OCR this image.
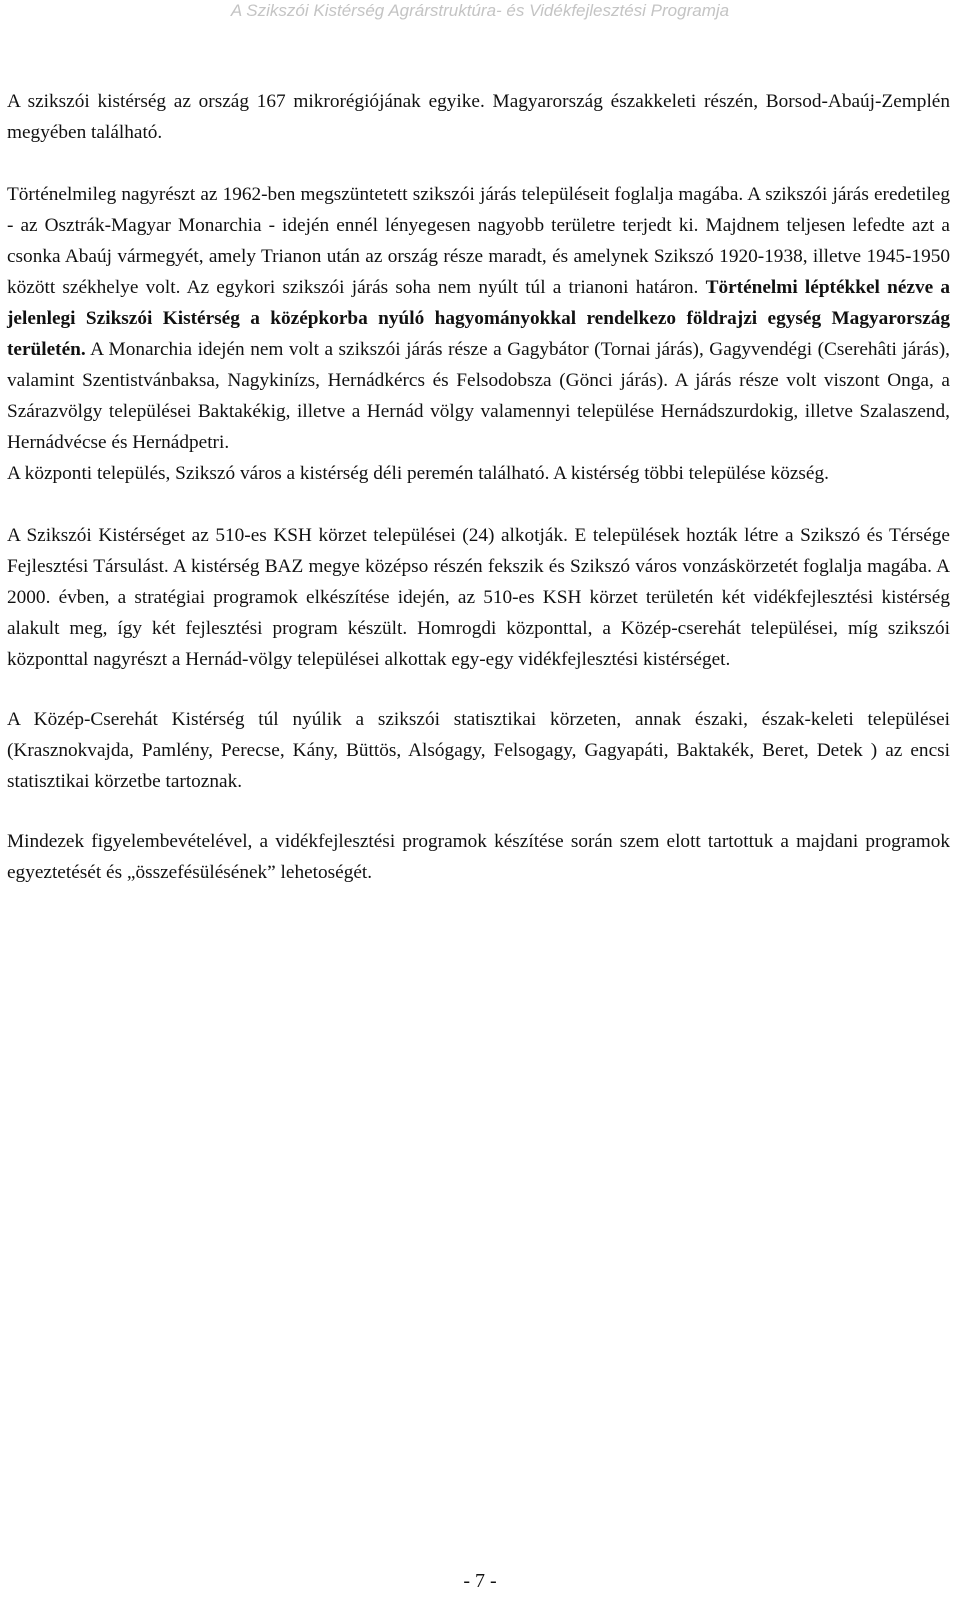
A Szikszói Kistérség Agrárstruktúra- és Vidékfejlesztési Programja

A szikszói kistérség az ország 167 mikrorégiójának egyike. Magyarország északkeleti részén, Borsod-Abaúj-Zemplén megyében található.

Történelmileg nagyrészt az 1962-ben megszüntetett szikszói járás településeit foglalja magába. A szikszói járás eredetileg - az Osztrák-Magyar Monarchia - idején ennél lényegesen nagyobb területre terjedt ki. Majdnem teljesen lefedte azt a csonka Abaúj vármegyét, amely Trianon után az ország része maradt, és amelynek Szikszó 1920-1938, illetve 1945-1950 között székhelye volt. Az egykori szikszói járás soha nem nyúlt túl a trianoni határon. Történelmi léptékkel nézve a jelenlegi Szikszói Kistérség a középkorba nyúló hagyományokkal rendelkezo földrajzi egység Magyarország területén. A Monarchia idején nem volt a szikszói járás része a Gagybátor (Tornai járás), Gagyvendégi (Cserehâti járás), valamint Szentistvánbaksa, Nagykinízs, Hernádkércs és Felsodobsza (Gönci járás). A járás része volt viszont Onga, a Szárazvölgy települései Baktakékig, illetve a Hernád völgy valamennyi települése Hernádszurdokig, illetve Szalaszend, Hernádvécse és Hernádpetri.

A központi település, Szikszó város a kistérség déli peremén található. A kistérség többi települése község.

A Szikszói Kistérséget az 510-es KSH körzet települései (24) alkotják. E települések hozták létre a Szikszó és Térsége Fejlesztési Társulást. A kistérség BAZ megye középso részén fekszik és Szikszó város vonzáskörzetét foglalja magába. A 2000. évben, a stratégiai programok elkészítése idején, az 510-es KSH körzet területén két vidékfejlesztési kistérség alakult meg, így két fejlesztési program készült. Homrogdi központtal, a Közép-cserehát települései, míg szikszói központtal nagyrészt a Hernád-völgy települései alkottak egy-egy vidékfejlesztési kistérséget.

A Közép-Cserehát Kistérség túl nyúlik a szikszói statisztikai körzeten, annak északi, észak-keleti települései (Krasznokvajda, Pamlény, Perecse, Kány, Büttös, Alsógagy, Felsogagy, Gagyapáti, Baktakék, Beret, Detek ) az encsi statisztikai körzetbe tartoznak.

Mindezek figyelembevételével, a vidékfejlesztési programok készítése során szem elott tartottuk a majdani programok egyeztetését és „összefésülésének” lehetoségét.

- 7 -
